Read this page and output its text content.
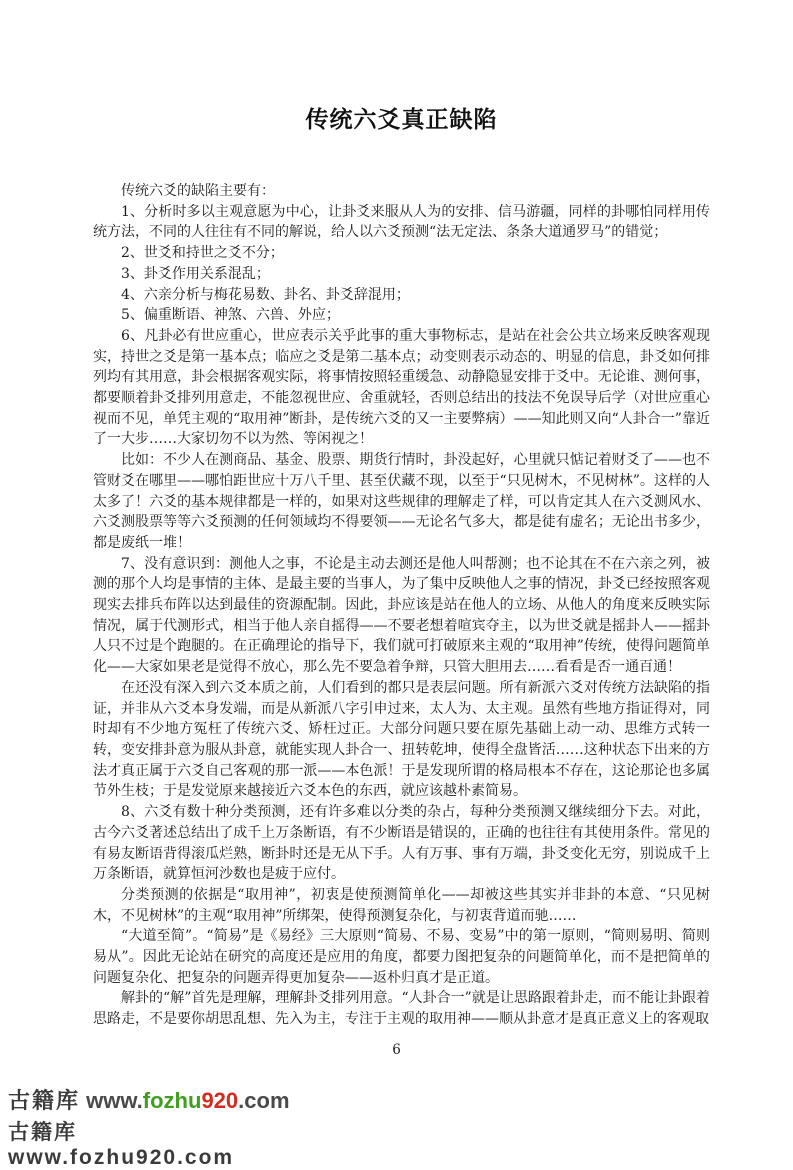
传统六爻真正缺陷

传统六爻的缺陷主要有：

1、分析时多以主观意愿为中心，让卦爻来服从人为的安排、信马游疆，同样的卦哪怕同样用传统方法，不同的人往往有不同的解说，给人以六爻预测“法无定法、条条大道通罗马”的错觉；

2、世爻和持世之爻不分；

3、卦爻作用关系混乱；

4、六亲分析与梅花易数、卦名、卦爻辞混用；

5、偏重断语、神煞、六兽、外应；

6、凡卦必有世应重心，世应表示关乎此事的重大事物标志，是站在社会公共立场来反映客观现实，持世之爻是第一基本点；临应之爻是第二基本点；动变则表示动态的、明显的信息，卦爻如何排列均有其用意，卦会根据客观实际，将事情按照轻重缓急、动静隐显安排于爻中。无论谁、测何事，都要顺着卦爻排列用意走，不能忽视世应、舍重就轻，否则总结出的技法不免误导后学（对世应重心视而不见，单凭主观的“取用神”断卦，是传统六爻的又一主要弊病）——知此则又向“人卦合一”靠近了一大步……大家切勿不以为然、等闲视之！

比如：不少人在测商品、基金、股票、期货行情时，卦没起好，心里就只惦记着财爻了——也不管财爻在哪里——哪怕距世应十万八千里、甚至伏藏不现，以至于“只见树木，不见树林”。这样的人太多了！六爻的基本规律都是一样的，如果对这些规律的理解走了样，可以肯定其人在六爻测风水、六爻测股票等等六爻预测的任何领域均不得要领——无论名气多大，都是徒有虚名；无论出书多少，都是废纸一堆！

7、没有意识到：测他人之事，不论是主动去测还是他人叫帮测；也不论其在不在六亲之列，被测的那个人均是事情的主体、是最主要的当事人，为了集中反映他人之事的情况，卦爻已经按照客观现实去排兵布阵以达到最佳的资源配制。因此，卦应该是站在他人的立场、从他人的角度来反映实际情况，属于代测形式，相当于他人亲自摇得——不要老想着喧宾夺主，以为世爻就是摇卦人——摇卦人只不过是个跑腿的。在正确理论的指导下，我们就可打破原来主观的“取用神”传统，使得问题简单化——大家如果老是觉得不放心，那么先不要急着争辩，只管大胆用去……看看是否一通百通！

在还没有深入到六爻本质之前，人们看到的都只是表层问题。所有新派六爻对传统方法缺陷的指证，并非从六爻本身发端，而是从新派八字引申过来，太人为、太主观。虽然有些地方指证得对，同时却有不少地方冤枉了传统六爻、矫枉过正。大部分问题只要在原先基础上动一动、思维方式转一转，变安排卦意为服从卦意，就能实现人卦合一、扭转乾坤，使得全盘皆活……这种状态下出来的方法才真正属于六爻自己客观的那一派——本色派！于是发现所谓的格局根本不存在，这论那论也多属节外生枝；于是发觉原来越接近六爻本色的东西，就应该越朴素简易。

8、六爻有数十种分类预测，还有许多难以分类的杂占，每种分类预测又继续细分下去。对此，古今六爻著述总结出了成千上万条断语，有不少断语是错误的，正确的也往往有其使用条件。常见的有易友断语背得滚瓜烂熟，断卦时还是无从下手。人有万事、事有万端，卦爻变化无穷，别说成千上万条断语，就算恒河沙数也是疲于应付。

分类预测的依据是“取用神”，初衷是使预测简单化——却被这些其实并非卦的本意、“只见树木，不见树林”的主观“取用神”所绑架，使得预测复杂化，与初衷背道而驰……

“大道至简”。“简易”是《易经》三大原则“简易、不易、变易”中的第一原则，“简则易明、简则易从”。因此无论站在研究的高度还是应用的角度，都要力图把复杂的问题简单化，而不是把简单的问题复杂化、把复杂的问题弄得更加复杂——返朴归真才是正道。

解卦的“解”首先是理解，理解卦爻排列用意。“人卦合一”就是让思路跟着卦走，而不能让卦跟着思路走，不是要你胡思乱想、先入为主，专注于主观的取用神——顺从卦意才是真正意义上的客观取

6
古籍库 www.fozhu920.com
古籍库 www.fozhu920.com
